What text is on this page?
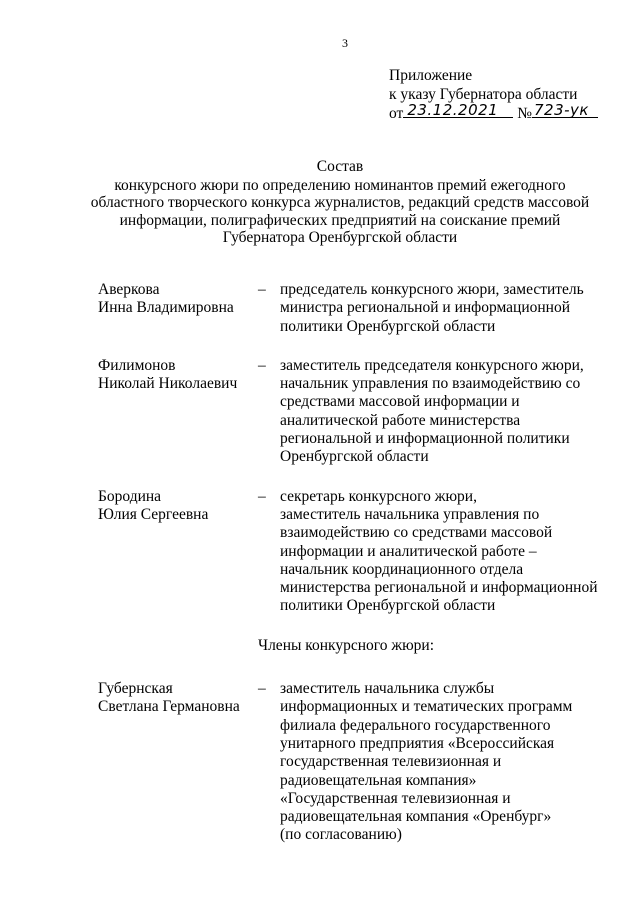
3
Приложение
к указу Губернатора области
от 23.12.2021 № 723-ук
Состав
конкурсного жюри по определению номинантов премий ежегодного
областного творческого конкурса журналистов, редакций средств массовой
информации, полиграфических предприятий на соискание премий
Губернатора Оренбургской области
Аверкова
Инна Владимировна
– председатель конкурсного жюри, заместитель
министра региональной и информационной
политики Оренбургской области
Филимонов
Николай Николаевич
– заместитель председателя конкурсного жюри,
начальник управления по взаимодействию со
средствами массовой информации и
аналитической работе министерства
региональной и информационной политики
Оренбургской области
Бородина
Юлия Сергеевна
– секретарь конкурсного жюри,
заместитель начальника управления по
взаимодействию со средствами массовой
информации и аналитической работе –
начальник координационного отдела
министерства региональной и информационной
политики Оренбургской области
Члены конкурсного жюри:
Губернская
Светлана Германовна
– заместитель начальника службы
информационных и тематических программ
филиала федерального государственного
унитарного предприятия «Всероссийская
государственная телевизионная и
радиовещательная компания»
«Государственная телевизионная и
радиовещательная компания «Оренбург»
(по согласованию)
